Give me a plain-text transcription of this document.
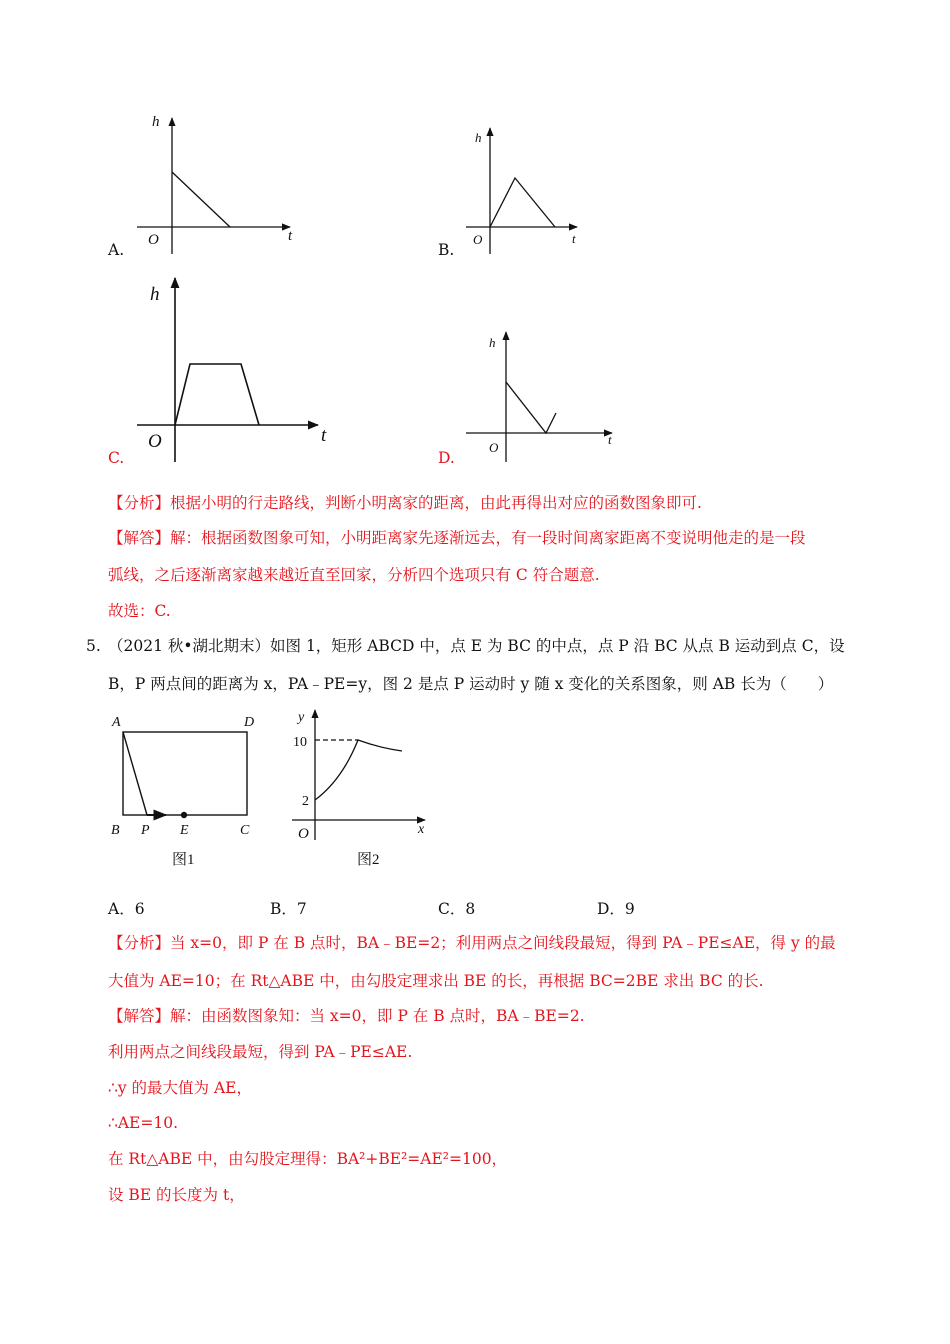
h
O	t
h
O	t
h
O	t
h
O
t
A	D
B P E	C
图1
y
x
O
10
2
图2
A.	B.
C.	D.
【分析】根据小明的行走路线，判断小明离家的距离，由此再得出对应的函数图象即可.
【解答】解：根据函数图象可知，小明距离家先逐渐远去，有一段时间离家距离不变说明他走的是一段
弧线，之后逐渐离家越来越近直至回家，分析四个选项只有 C 符合题意.
故选：C.
5. （2021 秋•湖北期末）如图 1，矩形 ABCD 中，点 E 为 BC 的中点，点 P 沿 BC 从点 B 运动到点 C，设
B，P 两点间的距离为 x，PA﹣PE=y，图 2 是点 P 运动时 y 随 x 变化的关系图象，则 AB 长为（　　）
A．6	B．7	C．8	D．9
【分析】当 x=0，即 P 在 B 点时，BA﹣BE=2；利用两点之间线段最短，得到 PA﹣PE≤AE，得 y 的最
大值为 AE=10；在 Rt△ABE 中，由勾股定理求出 BE 的长，再根据 BC=2BE 求出 BC 的长.
【解答】解：由函数图象知：当 x=0，即 P 在 B 点时，BA﹣BE=2.
利用两点之间线段最短，得到 PA﹣PE≤AE.
∴y 的最大值为 AE，
∴AE=10.
在 Rt△ABE 中，由勾股定理得：BA²+BE²=AE²=100，
设 BE 的长度为 t，
